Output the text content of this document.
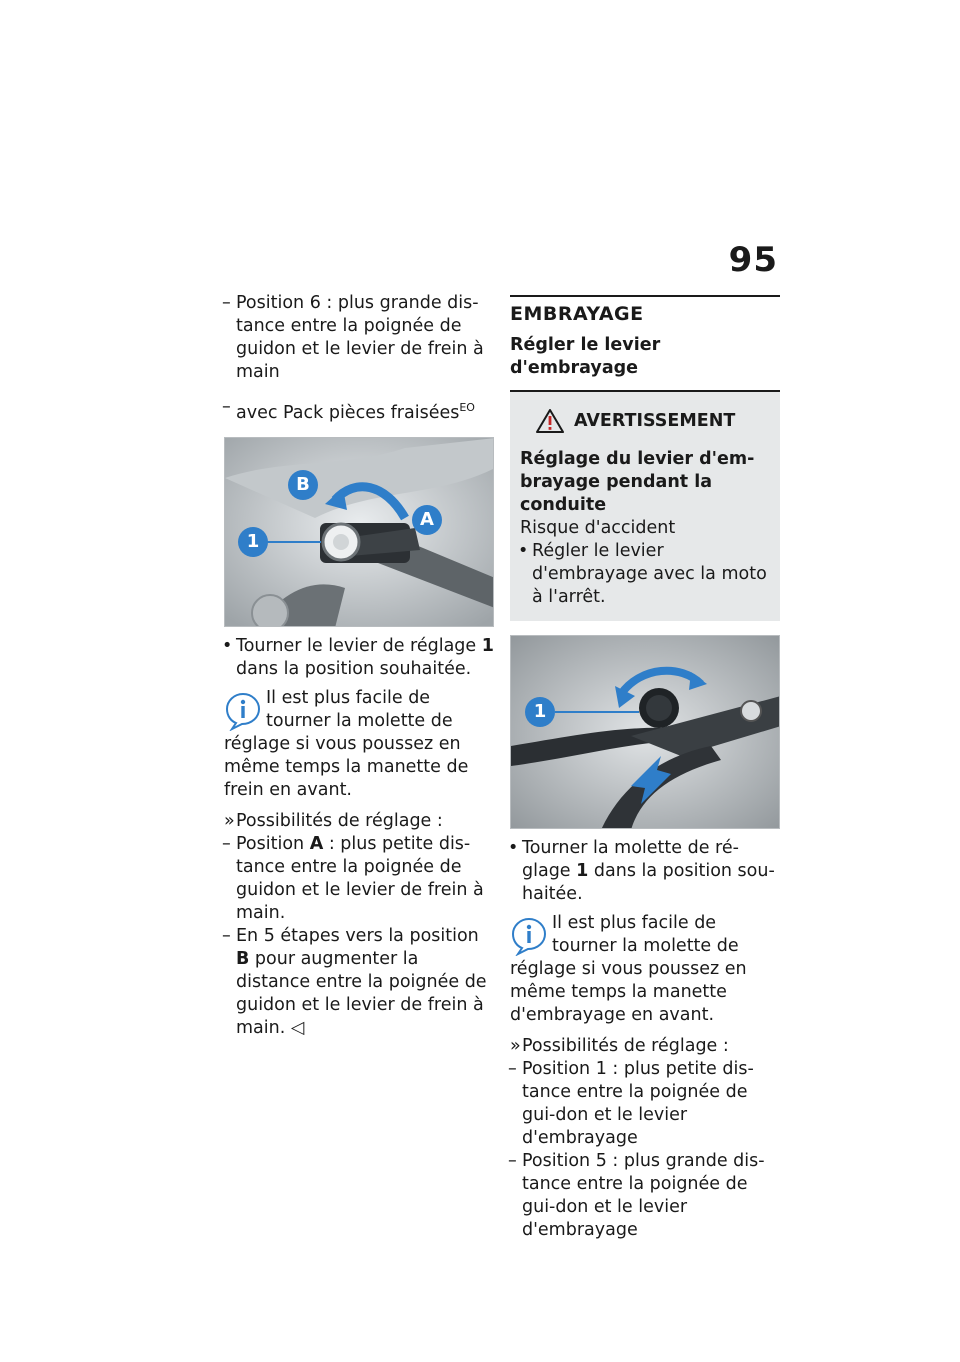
95

– Position 6 : plus grande dis-tance entre la poignée de guidon et le levier de frein à main

– avec Pack pièces fraisées$^{EO}$

B
A
1

• Tourner le levier de réglage 1 dans la position souhaitée.

Il est plus facile de tourner la molette de réglage si vous poussez en même temps la manette de frein en avant.

» Possibilités de réglage :

– Position A : plus petite dis-tance entre la poignée de guidon et le levier de frein à main.

– En 5 étapes vers la position B pour augmenter la distance entre la poignée de guidon et le levier de frein à main. ◁

EMBRAYAGE

Régler le levier d'embrayage

AVERTISSEMENT
Réglage du levier d'em-brayage pendant la conduite
Risque d'accident

• Régler le levier d'embrayage avec la moto à l'arrêt.

1

• Tourner la molette de ré-glage 1 dans la position sou-haitée.

Il est plus facile de tourner la molette de réglage si vous poussez en même temps la manette d'embrayage en avant.

» Possibilités de réglage :

– Position 1 : plus petite dis-tance entre la poignée de gui-don et le levier d'embrayage

– Position 5 : plus grande dis-tance entre la poignée de gui-don et le levier d'embrayage
